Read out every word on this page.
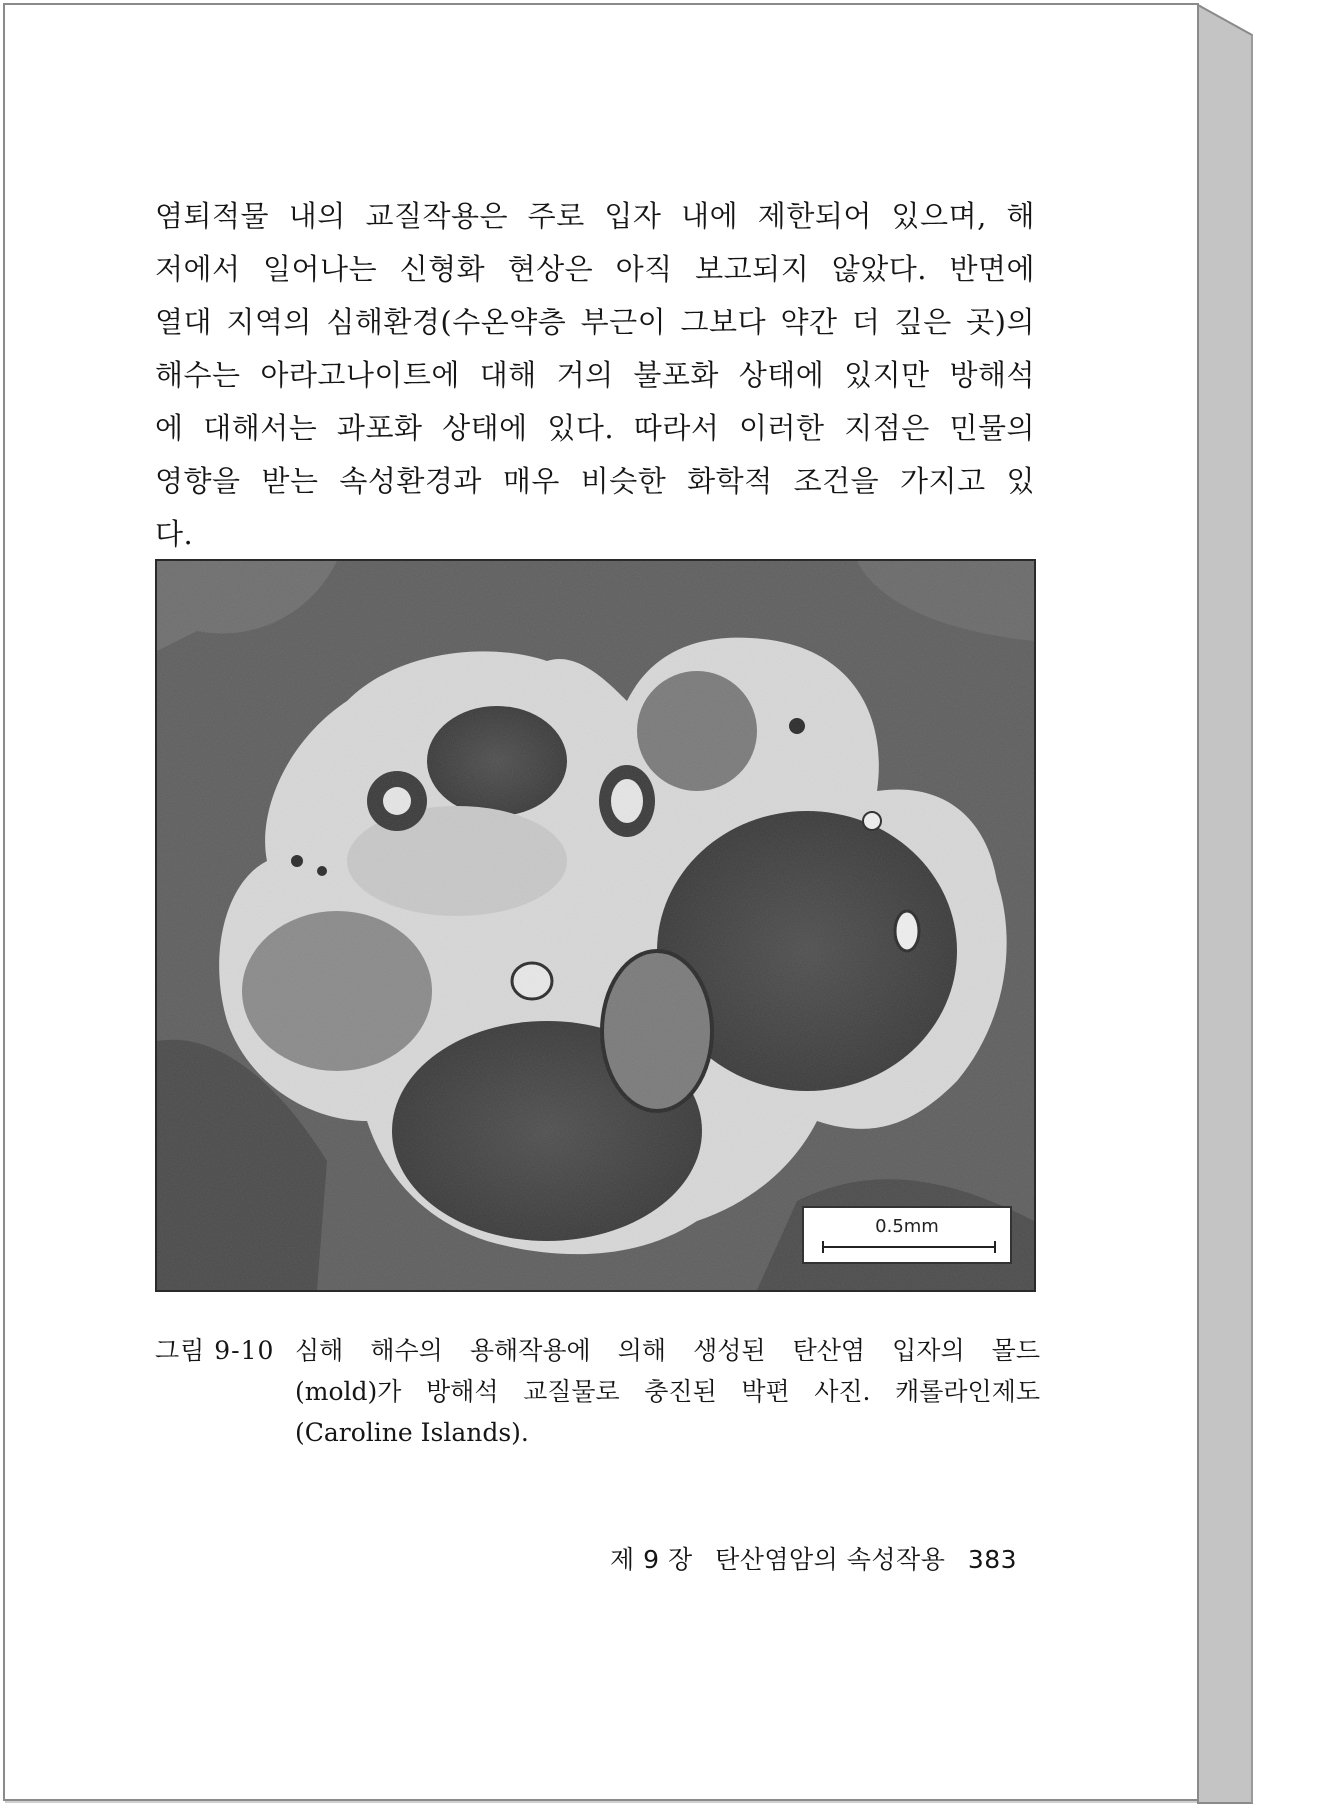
염퇴적물 내의 교질작용은 주로 입자 내에 제한되어 있으며, 해
저에서 일어나는 신형화 현상은 아직 보고되지 않았다. 반면에
열대 지역의 심해환경(수온약층 부근이 그보다 약간 더 깊은 곳)의
해수는 아라고나이트에 대해 거의 불포화 상태에 있지만 방해석
에 대해서는 과포화 상태에 있다. 따라서 이러한 지점은 민물의
영향을 받는 속성환경과 매우 비슷한 화학적 조건을 가지고 있
다.
0.5mm
그림 9-10 심해 해수의 용해작용에 의해 생성된 탄산염 입자의 몰드
(mold)가 방해석 교질물로 충진된 박편 사진. 캐롤라인제도
(Caroline Islands).
제 9 장 탄산염암의 속성작용 383
